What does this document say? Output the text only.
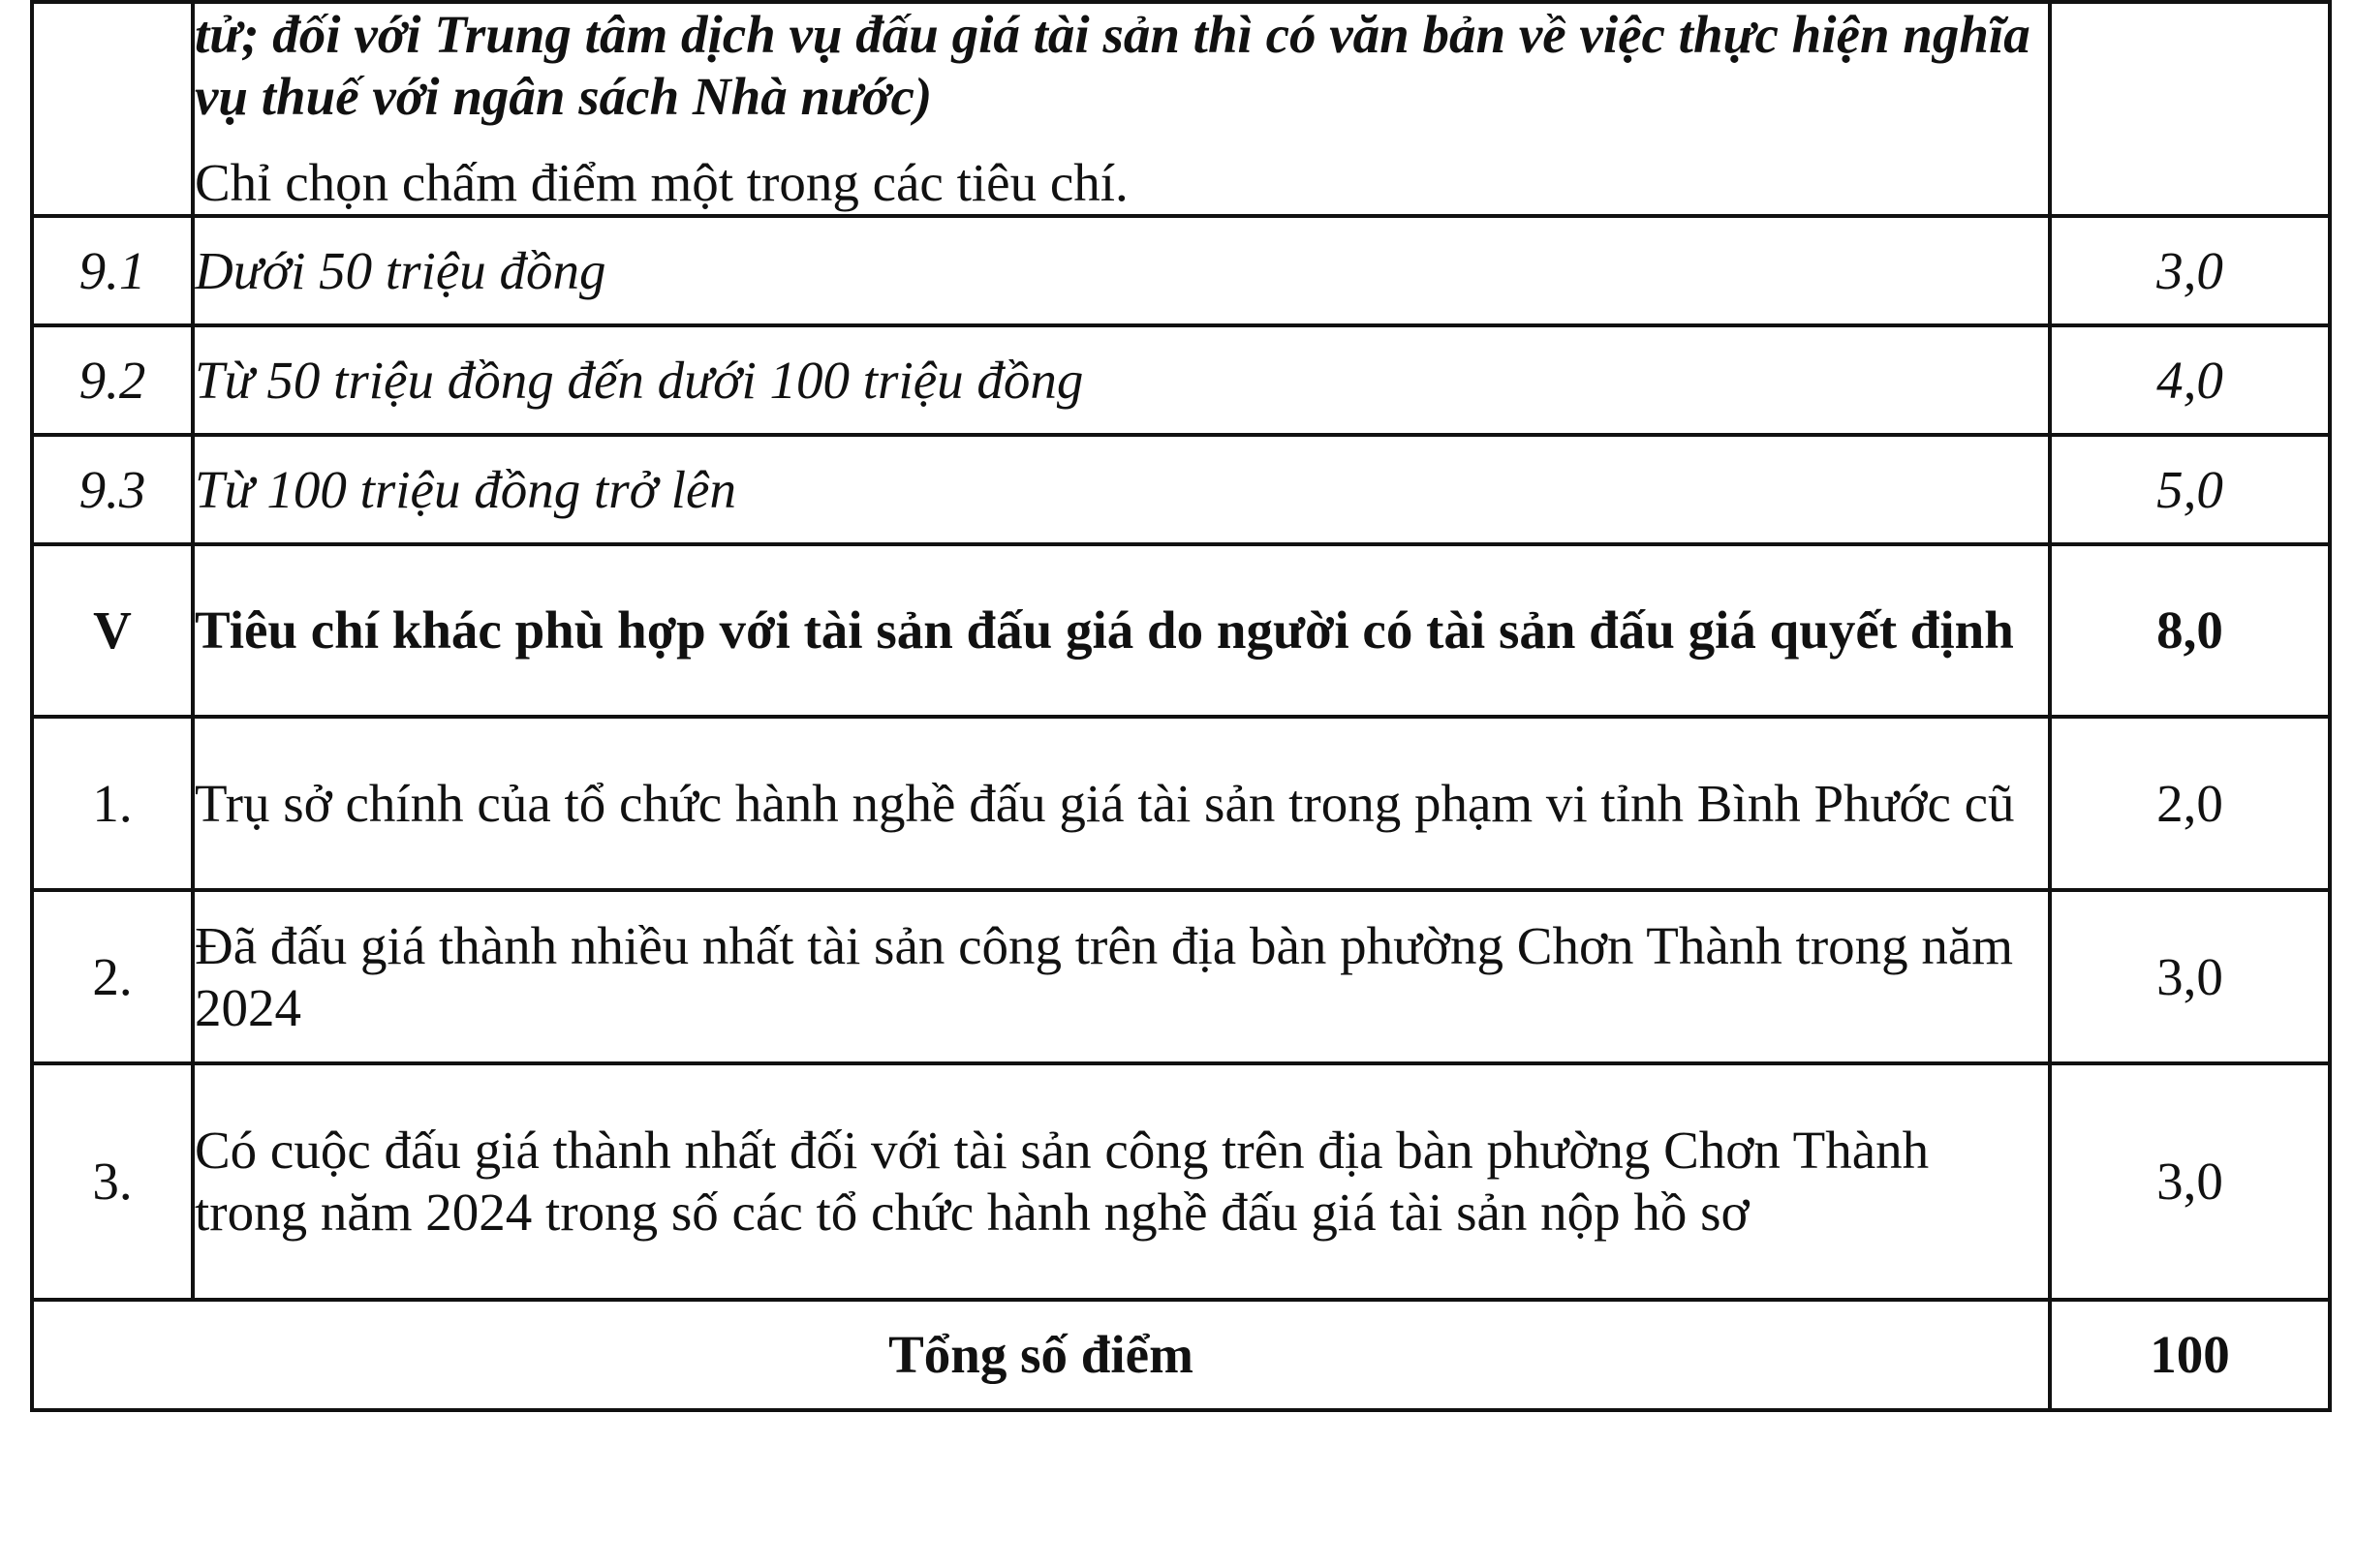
	tử; đối với Trung tâm dịch vụ đấu giá tài sản thì có văn bản về việc thực hiện nghĩa vụ thuế với ngân sách Nhà nước)
Chỉ chọn chấm điểm một trong các tiêu chí.	

9.1	Dưới 50 triệu đồng	3,0
9.2	Từ 50 triệu đồng đến dưới 100 triệu đồng	4,0
9.3	Từ 100 triệu đồng trở lên	5,0
V	Tiêu chí khác phù hợp với tài sản đấu giá do người có tài sản đấu giá quyết định	8,0
1.	Trụ sở chính của tổ chức hành nghề đấu giá tài sản trong phạm vi tỉnh Bình Phước cũ	2,0
2.	Đã đấu giá thành nhiều nhất tài sản công trên địa bàn phường Chơn Thành trong năm 2024	3,0
3.	Có cuộc đấu giá thành nhất đối với tài sản công trên địa bàn phường Chơn Thành trong năm 2024 trong số các tổ chức hành nghề đấu giá tài sản nộp hồ sơ	3,0
Tổng số điểm		100
